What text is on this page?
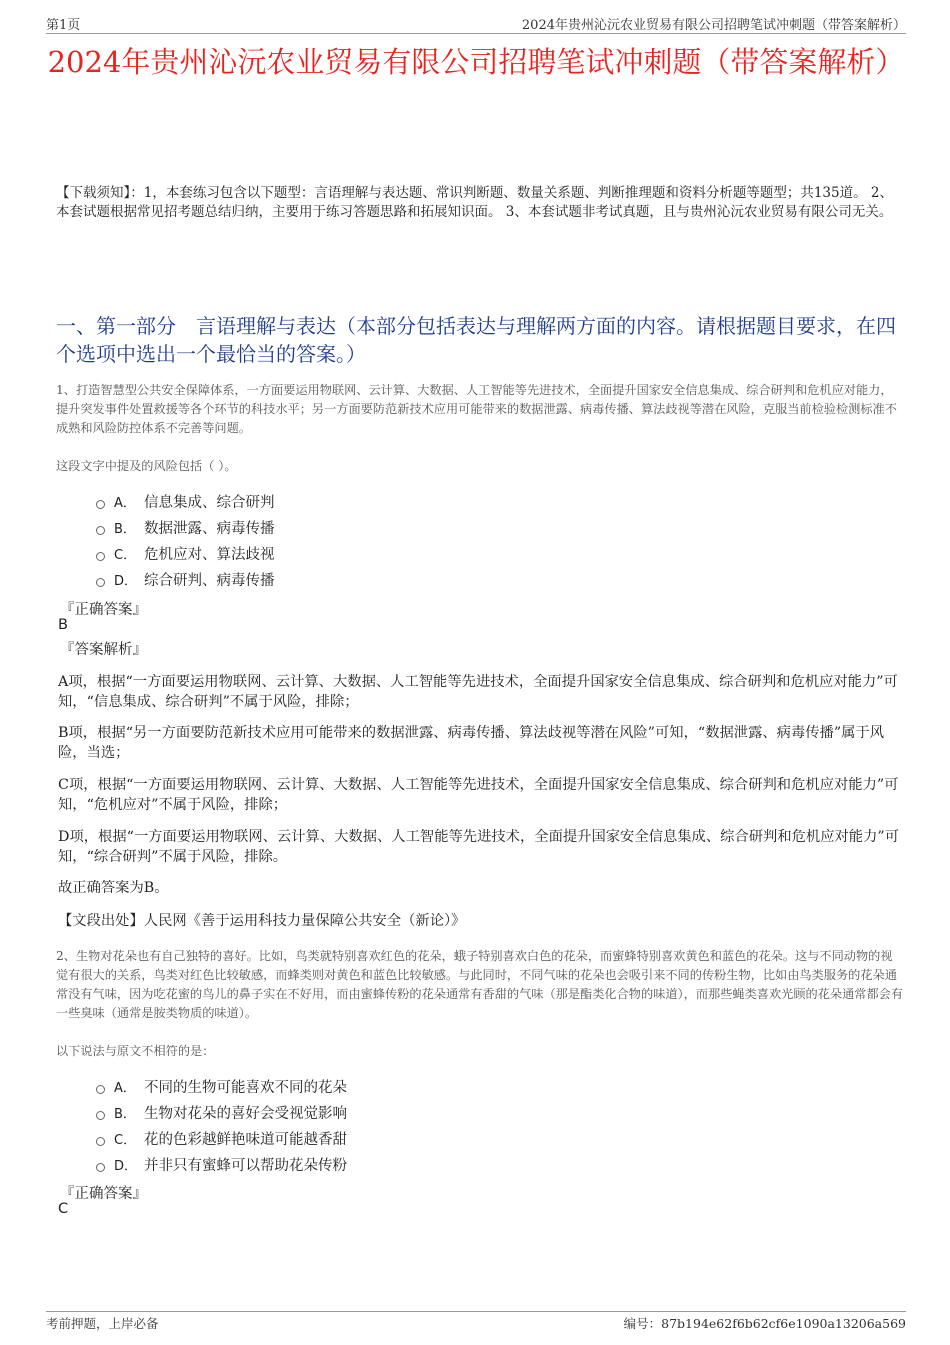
第1页	2024年贵州沁沅农业贸易有限公司招聘笔试冲刺题（带答案解析）
2024年贵州沁沅农业贸易有限公司招聘笔试冲刺题（带答案解析）
【下载须知】：1，本套练习包含以下题型：言语理解与表达题、常识判断题、数量关系题、判断推理题和资料分析题等题型；共135道。 2、本套试题根据常见招考题总结归纳，主要用于练习答题思路和拓展知识面。 3、本套试题非考试真题，且与贵州沁沅农业贸易有限公司无关。
一、第一部分　言语理解与表达（本部分包括表达与理解两方面的内容。请根据题目要求，在四个选项中选出一个最恰当的答案。）
1、打造智慧型公共安全保障体系，一方面要运用物联网、云计算、大数据、人工智能等先进技术，全面提升国家安全信息集成、综合研判和危机应对能力，提升突发事件处置救援等各个环节的科技水平；另一方面要防范新技术应用可能带来的数据泄露、病毒传播、算法歧视等潜在风险，克服当前检验检测标准不成熟和风险防控体系不完善等问题。
这段文字中提及的风险包括（ ）。
A． 信息集成、综合研判
B． 数据泄露、病毒传播
C． 危机应对、算法歧视
D． 综合研判、病毒传播
『正确答案』
B
『答案解析』
A项，根据“一方面要运用物联网、云计算、大数据、人工智能等先进技术，全面提升国家安全信息集成、综合研判和危机应对能力”可知，“信息集成、综合研判”不属于风险，排除；
B项，根据“另一方面要防范新技术应用可能带来的数据泄露、病毒传播、算法歧视等潜在风险”可知，“数据泄露、病毒传播”属于风险，当选；
C项，根据“一方面要运用物联网、云计算、大数据、人工智能等先进技术，全面提升国家安全信息集成、综合研判和危机应对能力”可知，“危机应对”不属于风险，排除；
D项，根据“一方面要运用物联网、云计算、大数据、人工智能等先进技术，全面提升国家安全信息集成、综合研判和危机应对能力”可知，“综合研判”不属于风险，排除。
故正确答案为B。
【文段出处】人民网《善于运用科技力量保障公共安全（新论）》
2、生物对花朵也有自己独特的喜好。比如，鸟类就特别喜欢红色的花朵，蛾子特别喜欢白色的花朵，而蜜蜂特别喜欢黄色和蓝色的花朵。这与不同动物的视觉有很大的关系，鸟类对红色比较敏感，而蜂类则对黄色和蓝色比较敏感。与此同时，不同气味的花朵也会吸引来不同的传粉生物，比如由鸟类服务的花朵通常没有气味，因为吃花蜜的鸟儿的鼻子实在不好用，而由蜜蜂传粉的花朵通常有香甜的气味（那是酯类化合物的味道），而那些蝇类喜欢光顾的花朵通常都会有一些臭味（通常是胺类物质的味道）。
以下说法与原文不相符的是：
A． 不同的生物可能喜欢不同的花朵
B． 生物对花朵的喜好会受视觉影响
C． 花的色彩越鲜艳味道可能越香甜
D． 并非只有蜜蜂可以帮助花朵传粉
『正确答案』
C
考前押题，上岸必备	编号：87b194e62f6b62cf6e1090a13206a569
